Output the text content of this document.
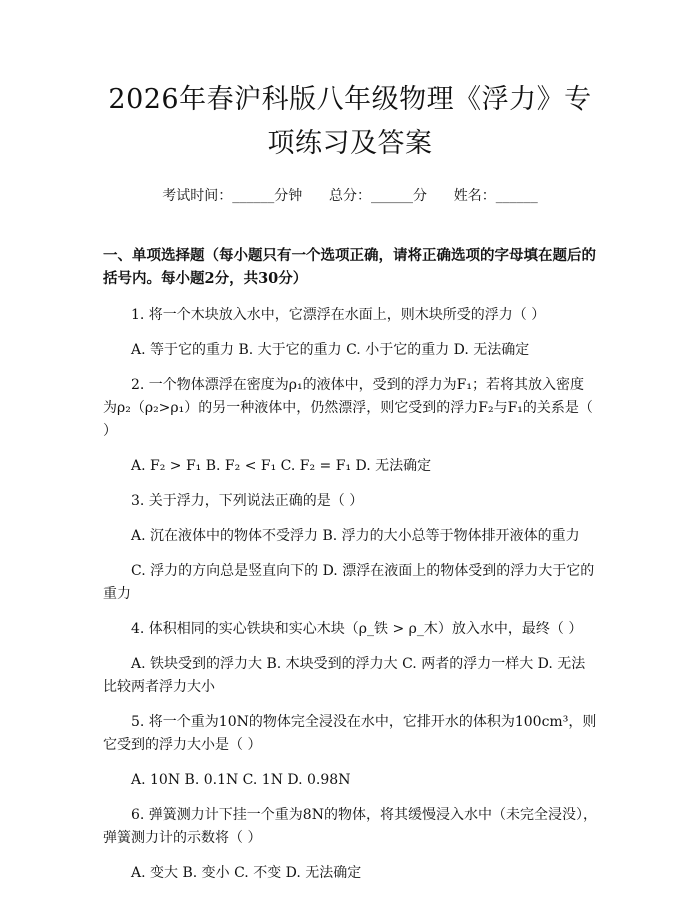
2026年春沪科版八年级物理《浮力》专项练习及答案
考试时间：______分钟      总分：______分      姓名：______
一、单项选择题（每小题只有一个选项正确，请将正确选项的字母填在题后的括号内。每小题2分，共30分）
1. 将一个木块放入水中，它漂浮在水面上，则木块所受的浮力（ ）
A. 等于它的重力 B. 大于它的重力 C. 小于它的重力 D. 无法确定
2. 一个物体漂浮在密度为ρ₁的液体中，受到的浮力为F₁；若将其放入密度为ρ₂（ρ₂>ρ₁）的另一种液体中，仍然漂浮，则它受到的浮力F₂与F₁的关系是（ ）
A. F₂ > F₁ B. F₂ < F₁ C. F₂ = F₁ D. 无法确定
3. 关于浮力，下列说法正确的是（ ）
A. 沉在液体中的物体不受浮力 B. 浮力的大小总等于物体排开液体的重力
C. 浮力的方向总是竖直向下的 D. 漂浮在液面上的物体受到的浮力大于它的重力
4. 体积相同的实心铁块和实心木块（ρ_铁 > ρ_木）放入水中，最终（ ）
A. 铁块受到的浮力大 B. 木块受到的浮力大 C. 两者的浮力一样大 D. 无法比较两者浮力大小
5. 将一个重为10N的物体完全浸没在水中，它排开水的体积为100cm³，则它受到的浮力大小是（ ）
A. 10N B. 0.1N C. 1N D. 0.98N
6. 弹簧测力计下挂一个重为8N的物体，将其缓慢浸入水中（未完全浸没），弹簧测力计的示数将（ ）
A. 变大 B. 变小 C. 不变 D. 无法确定
